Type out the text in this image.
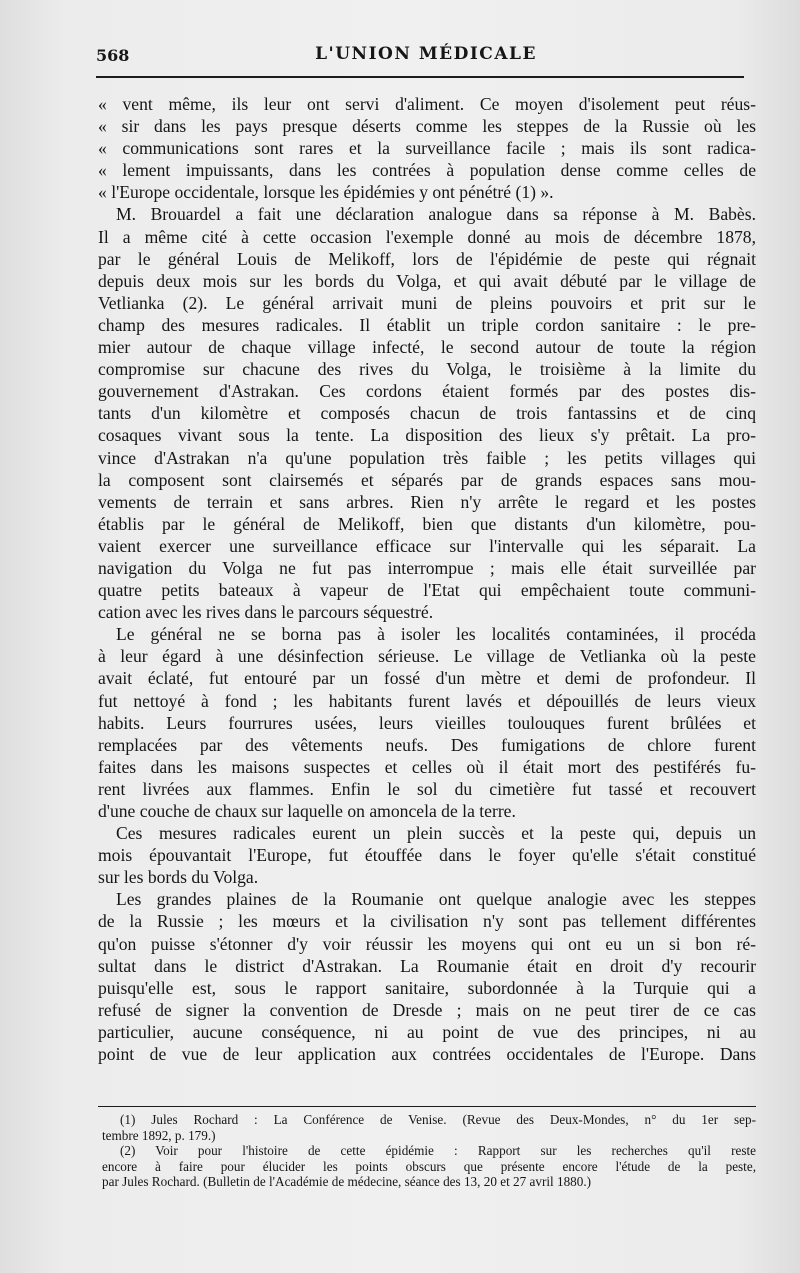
568	L'UNION MÉDICALE
« vent même, ils leur ont servi d'aliment. Ce moyen d'isolement peut réus-
« sir dans les pays presque déserts comme les steppes de la Russie où les
« communications sont rares et la surveillance facile ; mais ils sont radica-
« lement impuissants, dans les contrées à population dense comme celles de
« l'Europe occidentale, lorsque les épidémies y ont pénétré (1) ».
M. Brouardel a fait une déclaration analogue dans sa réponse à M. Babès.
Il a même cité à cette occasion l'exemple donné au mois de décembre 1878,
par le général Louis de Melikoff, lors de l'épidémie de peste qui régnait
depuis deux mois sur les bords du Volga, et qui avait débuté par le village de
Vetlianka (2). Le général arrivait muni de pleins pouvoirs et prit sur le
champ des mesures radicales. Il établit un triple cordon sanitaire : le pre-
mier autour de chaque village infecté, le second autour de toute la région
compromise sur chacune des rives du Volga, le troisième à la limite du
gouvernement d'Astrakan. Ces cordons étaient formés par des postes dis-
tants d'un kilomètre et composés chacun de trois fantassins et de cinq
cosaques vivant sous la tente. La disposition des lieux s'y prêtait. La pro-
vince d'Astrakan n'a qu'une population très faible ; les petits villages qui
la composent sont clairsemés et séparés par de grands espaces sans mou-
vements de terrain et sans arbres. Rien n'y arrête le regard et les postes
établis par le général de Melikoff, bien que distants d'un kilomètre, pou-
vaient exercer une surveillance efficace sur l'intervalle qui les séparait. La
navigation du Volga ne fut pas interrompue ; mais elle était surveillée par
quatre petits bateaux à vapeur de l'Etat qui empêchaient toute communi-
cation avec les rives dans le parcours séquestré.
Le général ne se borna pas à isoler les localités contaminées, il procéda
à leur égard à une désinfection sérieuse. Le village de Vetlianka où la peste
avait éclaté, fut entouré par un fossé d'un mètre et demi de profondeur. Il
fut nettoyé à fond ; les habitants furent lavés et dépouillés de leurs vieux
habits. Leurs fourrures usées, leurs vieilles toulouques furent brûlées et
remplacées par des vêtements neufs. Des fumigations de chlore furent
faites dans les maisons suspectes et celles où il était mort des pestiférés fu-
rent livrées aux flammes. Enfin le sol du cimetière fut tassé et recouvert
d'une couche de chaux sur laquelle on amoncela de la terre.
Ces mesures radicales eurent un plein succès et la peste qui, depuis un
mois épouvantait l'Europe, fut étouffée dans le foyer qu'elle s'était constitué
sur les bords du Volga.
Les grandes plaines de la Roumanie ont quelque analogie avec les steppes
de la Russie ; les mœurs et la civilisation n'y sont pas tellement différentes
qu'on puisse s'étonner d'y voir réussir les moyens qui ont eu un si bon ré-
sultat dans le district d'Astrakan. La Roumanie était en droit d'y recourir
puisqu'elle est, sous le rapport sanitaire, subordonnée à la Turquie qui a
refusé de signer la convention de Dresde ; mais on ne peut tirer de ce cas
particulier, aucune conséquence, ni au point de vue des principes, ni au
point de vue de leur application aux contrées occidentales de l'Europe. Dans
(1) Jules Rochard : La Conférence de Venise. (Revue des Deux-Mondes, n° du 1er sep-
tembre 1892, p. 179.)
(2) Voir pour l'histoire de cette épidémie : Rapport sur les recherches qu'il reste
encore à faire pour élucider les points obscurs que présente encore l'étude de la peste,
par Jules Rochard. (Bulletin de l'Académie de médecine, séance des 13, 20 et 27 avril 1880.)
